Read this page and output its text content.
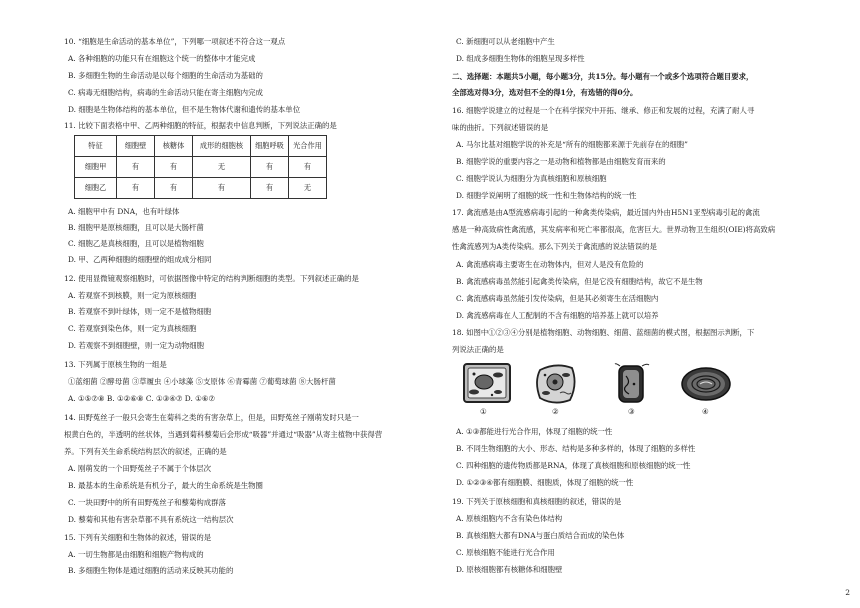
10. “细胞是生命活动的基本单位”，下列哪一项叙述不符合这一观点
A. 各种细胞的功能只有在细胞这个统一的整体中才能完成
B. 多细胞生物的生命活动是以每个细胞的生命活动为基础的
C. 病毒无细胞结构，病毒的生命活动只能在寄主细胞内完成
D. 细胞是生物体结构的基本单位，但不是生物体代谢和遗传的基本单位
11. 比较下面表格中甲、乙两种细胞的特征，根据表中信息判断，下列说法正确的是
特征	细胞壁	核糖体	成形的细胞核	细胞呼吸	光合作用
细胞甲	有	有	无	有	有
细胞乙	有	有	有	有	无
A. 细胞甲中有 DNA，也有叶绿体
B. 细胞甲是原核细胞，且可以是大肠杆菌
C. 细胞乙是真核细胞，且可以是植物细胞
D. 甲、乙两种细胞的细胞壁的组成成分相同
12. 使用显微镜观察细胞时，可依据图像中特定的结构判断细胞的类型。下列叙述正确的是
A. 若观察不到核膜，则一定为原核细胞
B. 若观察不到叶绿体，则一定不是植物细胞
C. 若观察到染色体，则一定为真核细胞
D. 若观察不到细胞壁，则一定为动物细胞
13. 下列属于原核生物的一组是
①蓝细菌 ②酵母菌 ③草履虫 ④小球藻 ⑤支原体 ⑥青霉菌 ⑦葡萄球菌 ⑧大肠杆菌
A. ①⑤⑦⑧ B. ①②⑥⑧ C. ①③④⑦ D. ①⑥⑦
14. 田野菟丝子一般只会寄生在菊科之类的有害杂草上，但是，田野菟丝子刚萌发时只是一
根黄白色的，半透明的丝状体，当遇到菊科藜菊后会形成“吸器”并通过“吸器”从寄主植物中获得营
养。下列有关生命系统结构层次的叙述，正确的是
A. 刚萌发的一个田野菟丝子不属于个体层次
B. 最基本的生命系统是有机分子，最大的生命系统是生物圈
C. 一块田野中的所有田野菟丝子和藜菊构成群落
D. 藜菊和其他有害杂草都不具有系统这一结构层次
15. 下列有关细胞和生物体的叙述，错误的是
A. 一切生物都是由细胞和细胞产物构成的
B. 多细胞生物体是通过细胞的活动来反映其功能的
C. 新细胞可以从老细胞中产生
D. 组成多细胞生物体的细胞呈现多样性
二、选择题：本题共5小题，每小题3分，共15分。每小题有一个或多个选项符合题目要求，
全部选对得3分，选对但不全的得1分，有选错的得0分。
16. 细胞学说建立的过程是一个在科学探究中开拓、继承、修正和发展的过程，充满了耐人寻
味的曲折。下列叙述错误的是
A. 马尔比基对细胞学说的补充是“所有的细胞都来源于先前存在的细胞”
B. 细胞学说的重要内容之一是动物和植物都是由细胞发育而来的
C. 细胞学说认为细胞分为真核细胞和原核细胞
D. 细胞学说阐明了细胞的统一性和生物体结构的统一性
17. 禽流感是由A型流感病毒引起的一种禽类传染病，最近国内外由H5N1亚型病毒引起的禽流
感是一种高致病性禽流感，其发病率和死亡率都很高，危害巨大。世界动物卫生组织(OIE)将高致病
性禽流感列为A类传染病。那么下列关于禽流感的说法错误的是
A. 禽流感病毒主要寄生在动物体内，但对人是没有危险的
B. 禽流感病毒虽然能引起禽类传染病，但是它没有细胞结构，故它不是生物
C. 禽流感病毒虽然能引发传染病，但是其必须寄生在活细胞内
D. 禽流感病毒在人工配制的不含有细胞的培养基上就可以培养
18. 如图中①②③④分别是植物细胞、动物细胞、细菌、蓝细菌的模式图，根据图示判断，下
列说法正确的是
①	②	③	④
A. ①③都能进行光合作用，体现了细胞的统一性
B. 不同生物细胞的大小、形态、结构是多种多样的，体现了细胞的多样性
C. 四种细胞的遗传物质都是RNA，体现了真核细胞和原核细胞的统一性
D. ①②③④都有细胞膜、细胞质，体现了细胞的统一性
19. 下列关于原核细胞和真核细胞的叙述，错误的是
A. 原核细胞内不含有染色体结构
B. 真核细胞大都有DNA与蛋白质结合而成的染色体
C. 原核细胞不能进行光合作用
D. 原核细胞都有核糖体和细胞壁
2
